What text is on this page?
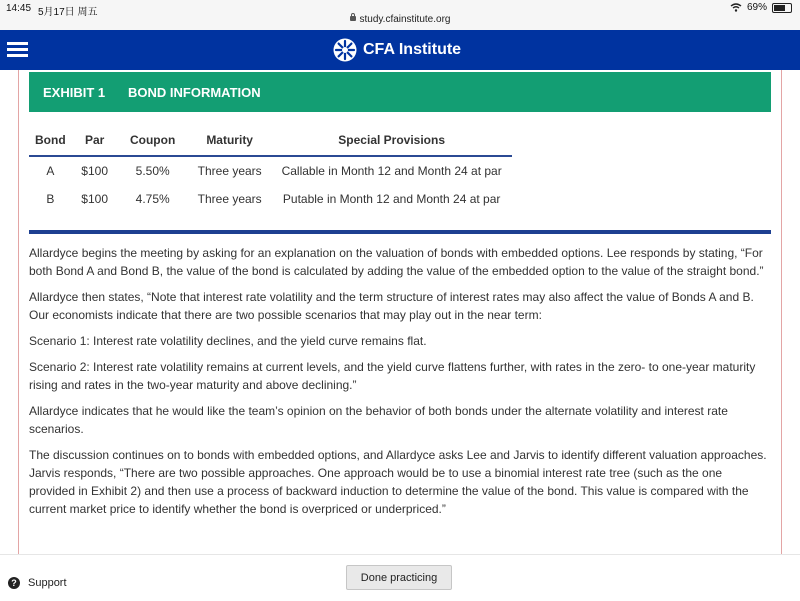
14:45 5月17日 周五	69%
study.cfainstitute.org
CFA Institute
EXHIBIT 1 BOND INFORMATION
Bond	Par	Coupon	Maturity	Special Provisions
A	$100	5.50%	Three years	Callable in Month 12 and Month 24 at par
B	$100	4.75%	Three years	Putable in Month 12 and Month 24 at par

Allardyce begins the meeting by asking for an explanation on the valuation of bonds with embedded options. Lee responds by stating, “For both Bond A and Bond B, the value of the bond is calculated by adding the value of the embedded option to the value of the straight bond.”

Allardyce then states, “Note that interest rate volatility and the term structure of interest rates may also affect the value of Bonds A and B. Our economists indicate that there are two possible scenarios that may play out in the near term:

Scenario 1: Interest rate volatility declines, and the yield curve remains flat.

Scenario 2: Interest rate volatility remains at current levels, and the yield curve flattens further, with rates in the zero- to one-year maturity rising and rates in the two-year maturity and above declining.”

Allardyce indicates that he would like the team’s opinion on the behavior of both bonds under the alternate volatility and interest rate scenarios.

The discussion continues on to bonds with embedded options, and Allardyce asks Lee and Jarvis to identify different valuation approaches. Jarvis responds, “There are two possible approaches. One approach would be to use a binomial interest rate tree (such as the one provided in Exhibit 2) and then use a process of backward induction to determine the value of the bond. This value is compared with the current market price to identify whether the bond is overpriced or underpriced.”

? Support	Done practicing
